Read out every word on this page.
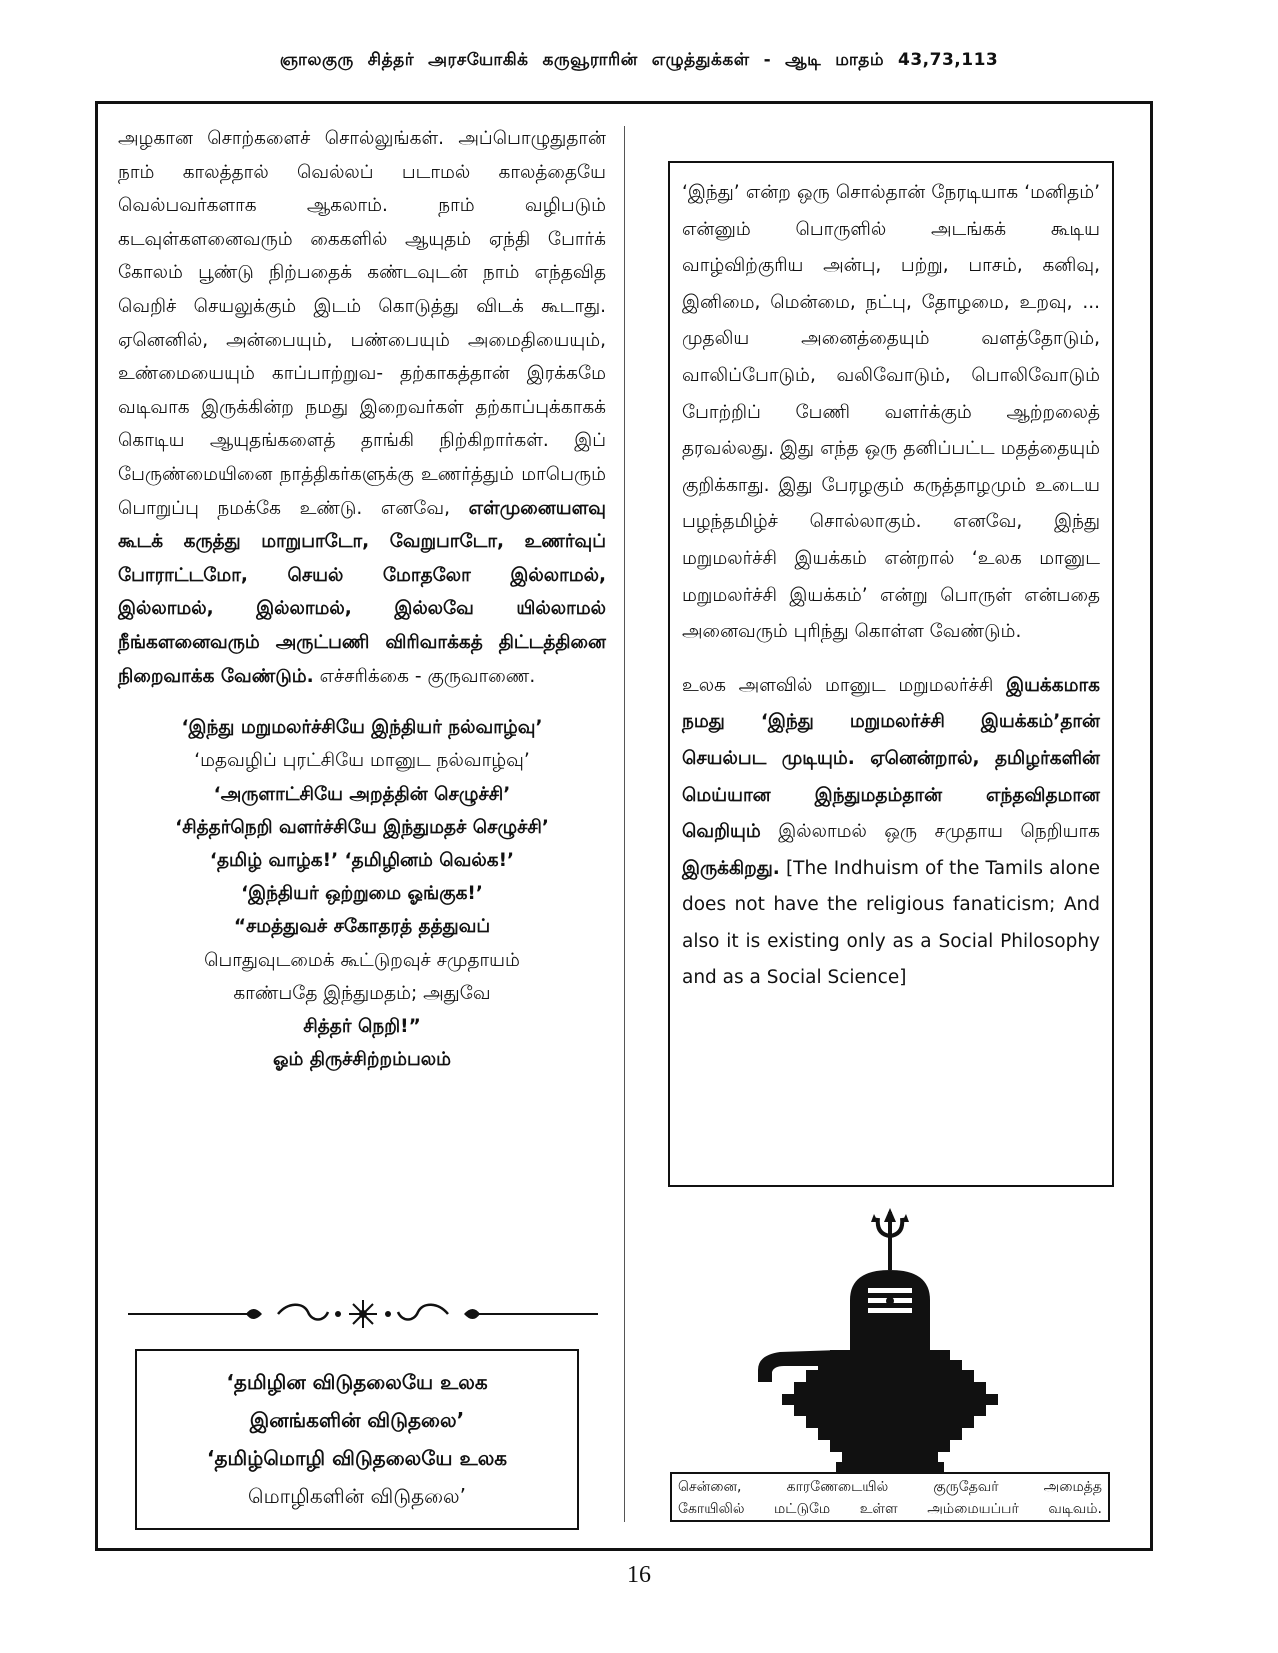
ஞாலகுரு சித்தர் அரசயோகிக் கருவூராரின் எழுத்துக்கள் - ஆடி மாதம் 43,73,113

அழகான சொற்களைச் சொல்லுங்கள். அப்பொழுதுதான் நாம் காலத்தால் வெல்லப் படாமல் காலத்தையே வெல்பவர்களாக ஆகலாம். நாம் வழிபடும் கடவுள்களனைவரும் கைகளில் ஆயுதம் ஏந்தி போர்க் கோலம் பூண்டு நிற்பதைக் கண்டவுடன் நாம் எந்தவித வெறிச் செயலுக்கும் இடம் கொடுத்து விடக் கூடாது. ஏனெனில், அன்பையும், பண்பையும் அமைதியையும், உண்மையையும் காப்பாற்றுவ- தற்காகத்தான் இரக்கமே வடிவாக இருக்கின்ற நமது இறைவர்கள் தற்காப்புக்காகக் கொடிய ஆயுதங்களைத் தாங்கி நிற்கிறார்கள். இப் பேருண்மையினை நாத்திகர்களுக்கு உணர்த்தும் மாபெரும் பொறுப்பு நமக்கே உண்டு. எனவே, எள்முனையளவு கூடக் கருத்து மாறுபாடோ, வேறுபாடோ, உணர்வுப் போராட்டமோ, செயல் மோதலோ இல்லாமல், இல்லாமல், இல்லாமல், இல்லவே யில்லாமல் நீங்களனைவரும் அருட்பணி விரிவாக்கத் திட்டத்தினை நிறைவாக்க வேண்டும். எச்சரிக்கை - குருவாணை.

‘இந்து மறுமலர்ச்சியே இந்தியர் நல்வாழ்வு’
‘மதவழிப் புரட்சியே மானுட நல்வாழ்வு’
‘அருளாட்சியே அறத்தின் செழுச்சி’
‘சித்தர்நெறி வளர்ச்சியே இந்துமதச் செழுச்சி’
‘தமிழ் வாழ்க!’ ‘தமிழினம் வெல்க!’
‘இந்தியர் ஒற்றுமை ஓங்குக!’
“சமத்துவச் சகோதரத் தத்துவப்
பொதுவுடமைக் கூட்டுறவுச் சமுதாயம்
காண்பதே இந்துமதம்; அதுவே
சித்தர் நெறி!”
ஓம் திருச்சிற்றம்பலம்
‘தமிழின விடுதலையே உலக
இனங்களின் விடுதலை’
‘தமிழ்மொழி விடுதலையே உலக
மொழிகளின் விடுதலை’

‘இந்து’ என்ற ஒரு சொல்தான் நேரடியாக ‘மனிதம்’ என்னும் பொருளில் அடங்கக் கூடிய வாழ்விற்குரிய அன்பு, பற்று, பாசம், கனிவு, இனிமை, மென்மை, நட்பு, தோழமை, உறவு, ... முதலிய அனைத்தையும் வளத்தோடும், வாலிப்போடும், வலிவோடும், பொலிவோடும் போற்றிப் பேணி வளர்க்கும் ஆற்றலைத் தரவல்லது. இது எந்த ஒரு தனிப்பட்ட மதத்தையும் குறிக்காது. இது பேரழகும் கருத்தாழமும் உடைய பழந்தமிழ்ச் சொல்லாகும். எனவே, இந்து மறுமலர்ச்சி இயக்கம் என்றால் ‘உலக மானுட மறுமலர்ச்சி இயக்கம்’ என்று பொருள் என்பதை அனைவரும் புரிந்து கொள்ள வேண்டும்.

உலக அளவில் மானுட மறுமலர்ச்சி இயக்கமாக நமது ‘இந்து மறுமலர்ச்சி இயக்கம்’தான் செயல்பட முடியும். ஏனென்றால், தமிழர்களின் மெய்யான இந்துமதம்தான் எந்தவிதமான வெறியும் இல்லாமல் ஒரு சமுதாய நெறியாக இருக்கிறது. [The Indhuism of the Tamils alone does not have the religious fanaticism; And also it is existing only as a Social Philosophy and as a Social Science]

சென்னை, காரணேடையில் குருதேவர் அமைத்த
கோயிலில் மட்டுமே உள்ள அம்மையப்பர் வடிவம்.
16
